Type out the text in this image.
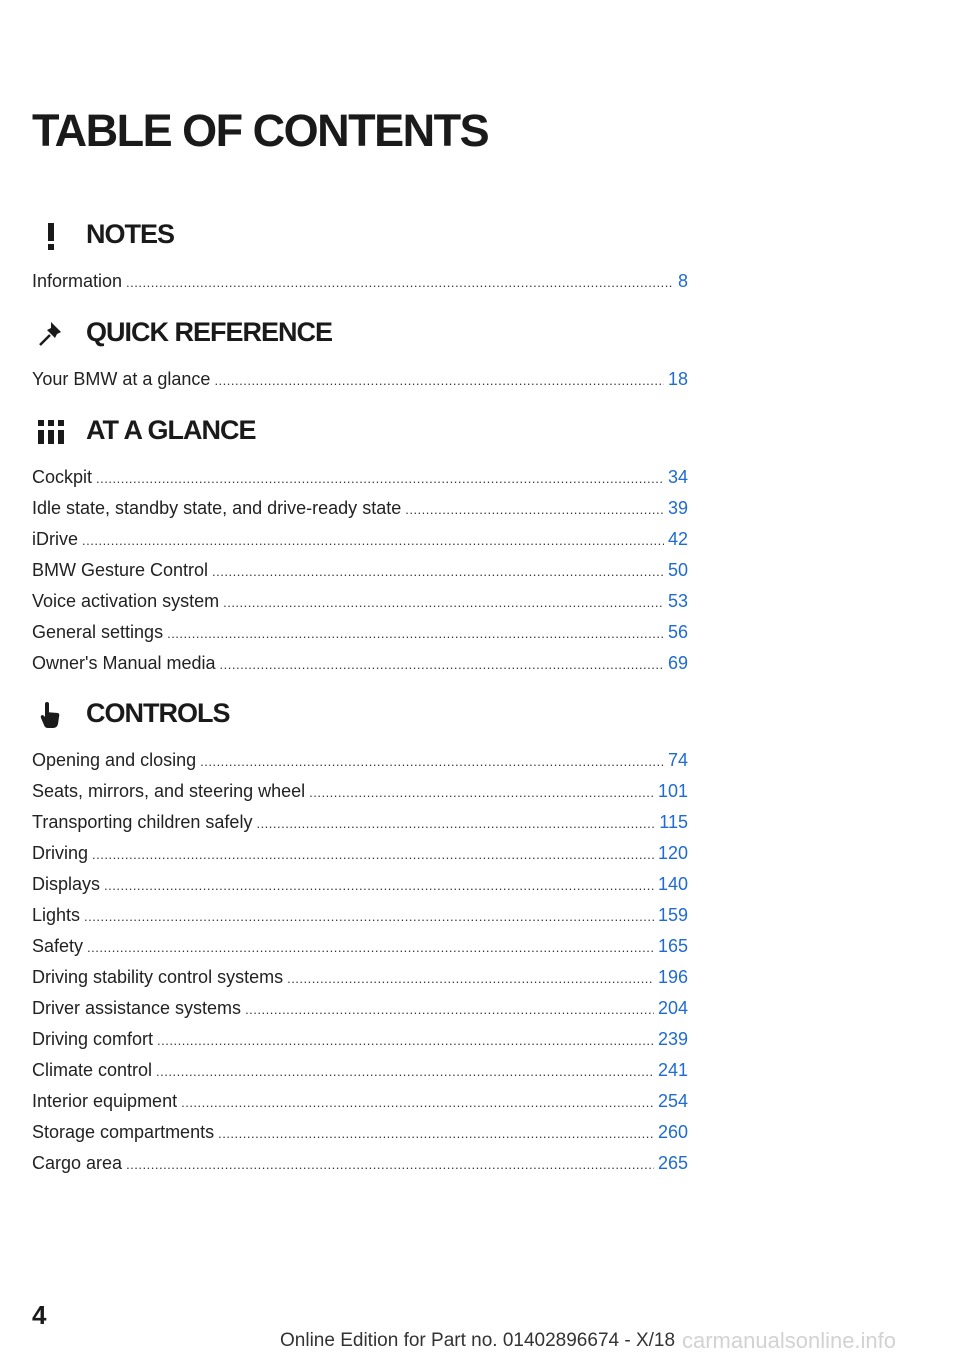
TABLE OF CONTENTS
NOTES
Information .....	8
QUICK REFERENCE
Your BMW at a glance .....	18
AT A GLANCE
Cockpit .....	34
Idle state, standby state, and drive-ready state .....	39
iDrive .....	42
BMW Gesture Control .....	50
Voice activation system .....	53
General settings .....	56
Owner's Manual media .....	69
CONTROLS
Opening and closing .....	74
Seats, mirrors, and steering wheel .....	101
Transporting children safely .....	115
Driving .....	120
Displays .....	140
Lights .....	159
Safety .....	165
Driving stability control systems .....	196
Driver assistance systems .....	204
Driving comfort .....	239
Climate control .....	241
Interior equipment .....	254
Storage compartments .....	260
Cargo area .....	265
4
Online Edition for Part no. 01402896674 - X/18 carmanualsonline.info
